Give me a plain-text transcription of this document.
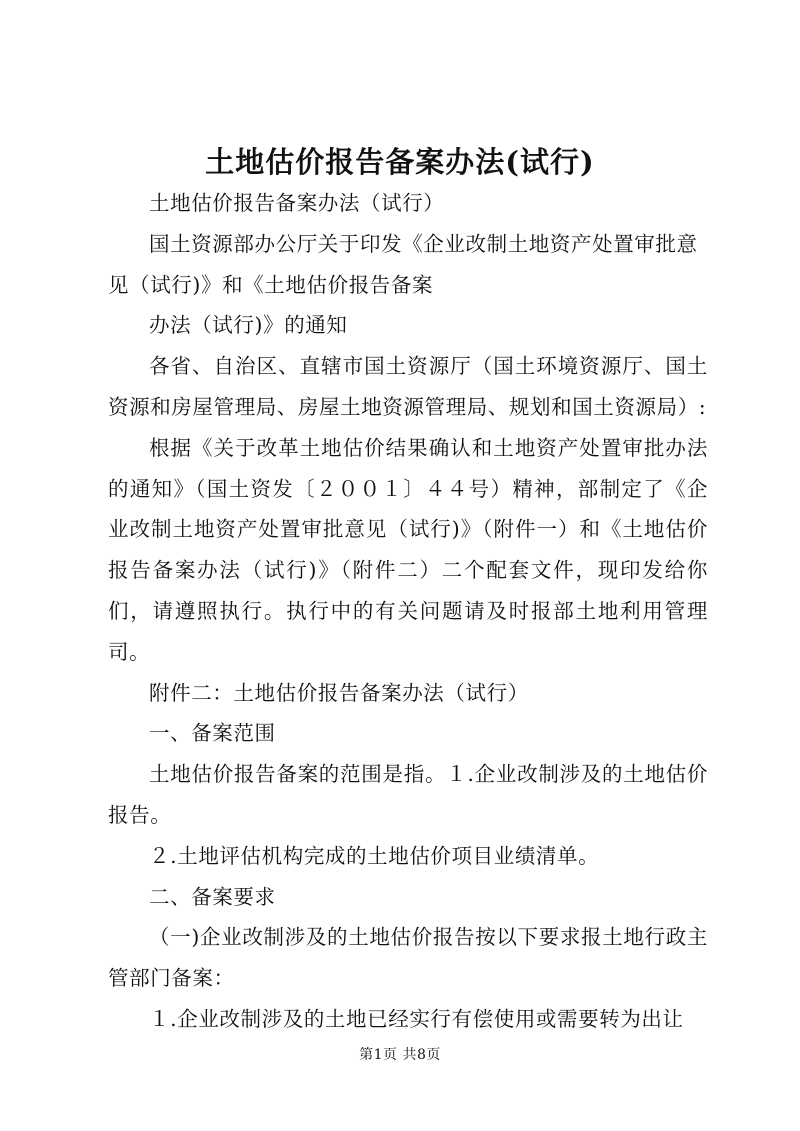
土地估价报告备案办法(试行)

土地估价报告备案办法（试行）

国土资源部办公厅关于印发《企业改制土地资产处置审批意见（试行)》和《土地估价报告备案

办法（试行)》的通知

各省、自治区、直辖市国土资源厅（国土环境资源厅、国土资源和房屋管理局、房屋土地资源管理局、规划和国土资源局）:

根据《关于改革土地估价结果确认和土地资产处置审批办法的通知》（国土资发〔２００１〕４４号）精神，部制定了《企业改制土地资产处置审批意见（试行)》（附件一）和《土地估价报告备案办法（试行)》（附件二）二个配套文件，现印发给你们，请遵照执行。执行中的有关问题请及时报部土地利用管理司。

附件二：土地估价报告备案办法（试行）

一、备案范围

土地估价报告备案的范围是指。１.企业改制涉及的土地估价报告。

２.土地评估机构完成的土地估价项目业绩清单。

二、备案要求

（一)企业改制涉及的土地估价报告按以下要求报土地行政主管部门备案：

１.企业改制涉及的土地已经实行有偿使用或需要转为出让

第1页 共8页
